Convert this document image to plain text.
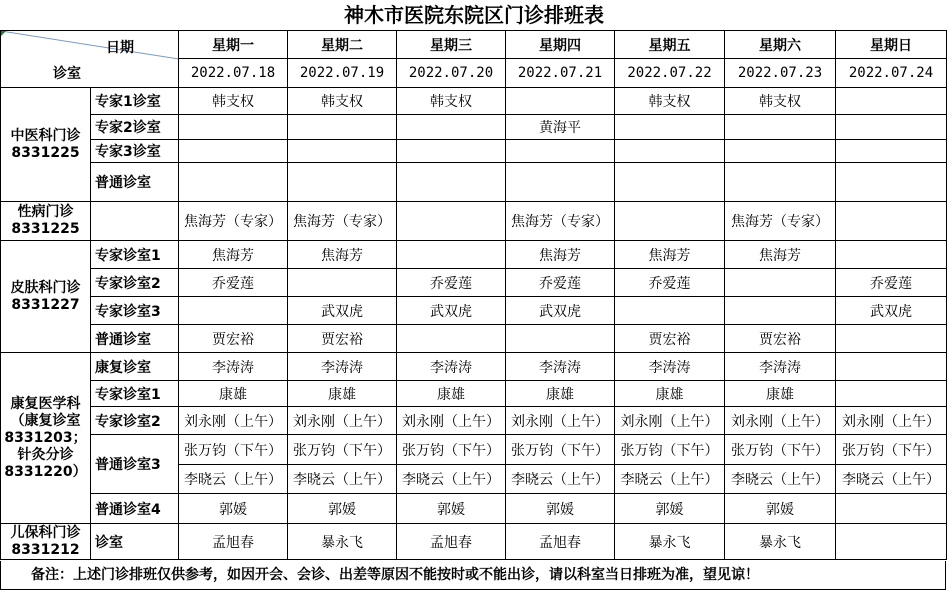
神木市医院东院区门诊排班表
日期
诊室		星期一	星期二	星期三	星期四	星期五	星期六	星期日
		2022.07.18	2022.07.19	2022.07.20	2022.07.21	2022.07.22	2022.07.23	2022.07.24

中医科门诊
8331225	专家1诊室	韩支权	韩支权	韩支权		韩支权	韩支权	
	专家2诊室				黄海平			
	专家3诊室							
	普通诊室							

性病门诊
8331225		焦海芳（专家）	焦海芳（专家）		焦海芳（专家）		焦海芳（专家）	

皮肤科门诊
8331227	专家诊室1	焦海芳	焦海芳		焦海芳	焦海芳	焦海芳	
	专家诊室2	乔爱莲		乔爱莲	乔爱莲	乔爱莲		乔爱莲
	专家诊室3		武双虎	武双虎	武双虎			武双虎
	普通诊室	贾宏裕	贾宏裕			贾宏裕	贾宏裕	

康复医学科（康复诊室8331203；针灸分诊8331220）	康复诊室	李涛涛	李涛涛	李涛涛	李涛涛	李涛涛	李涛涛	
	专家诊室1	康雄	康雄	康雄	康雄	康雄	康雄	
	专家诊室2	刘永刚（上午）	刘永刚（上午）	刘永刚（上午）	刘永刚（上午）	刘永刚（上午）	刘永刚（上午）	刘永刚（上午）
	普通诊室3	张万钧（下午）	张万钧（下午）	张万钧（下午）	张万钧（下午）	张万钧（下午）	张万钧（下午）	张万钧（下午）
		李晓云（上午）	李晓云（上午）	李晓云（上午）	李晓云（上午）	李晓云（上午）	李晓云（上午）	李晓云（上午）
	普通诊室4	郭媛	郭媛	郭媛	郭媛	郭媛	郭媛	

儿保科门诊
8331212	诊室	孟旭春	暴永飞	孟旭春	孟旭春	暴永飞	暴永飞	
备注：上述门诊排班仅供参考，如因开会、会诊、出差等原因不能按时或不能出诊，请以科室当日排班为准，望见谅！
